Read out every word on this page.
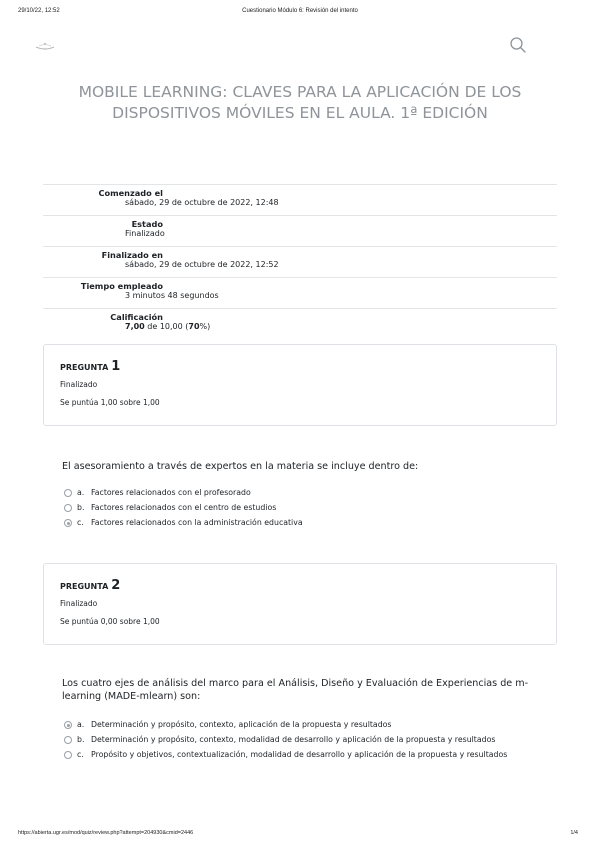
29/10/22, 12:52	Cuestionario Módulo 6: Revisión del intento
MOBILE LEARNING: CLAVES PARA LA APLICACIÓN DE LOS DISPOSITIVOS MÓVILES EN EL AULA. 1ª EDICIÓN
Comenzado el
sábado, 29 de octubre de 2022, 12:48
Estado
Finalizado
Finalizado en
sábado, 29 de octubre de 2022, 12:52
Tiempo empleado
3 minutos 48 segundos
Calificación
7,00 de 10,00 (70%)
PREGUNTA 1
Finalizado
Se puntúa 1,00 sobre 1,00
El asesoramiento a través de expertos en la materia se incluye dentro de:
a. Factores relacionados con el profesorado
b. Factores relacionados con el centro de estudios
c. Factores relacionados con la administración educativa
PREGUNTA 2
Finalizado
Se puntúa 0,00 sobre 1,00
Los cuatro ejes de análisis del marco para el Análisis, Diseño y Evaluación de Experiencias de m-learning (MADE-mlearn) son:
a. Determinación y propósito, contexto, aplicación de la propuesta y resultados
b. Determinación y propósito, contexto, modalidad de desarrollo y aplicación de la propuesta y resultados
c. Propósito y objetivos, contextualización, modalidad de desarrollo y aplicación de la propuesta y resultados
https://abierta.ugr.es/mod/quiz/review.php?attempt=204930&cmid=2446	1/4
